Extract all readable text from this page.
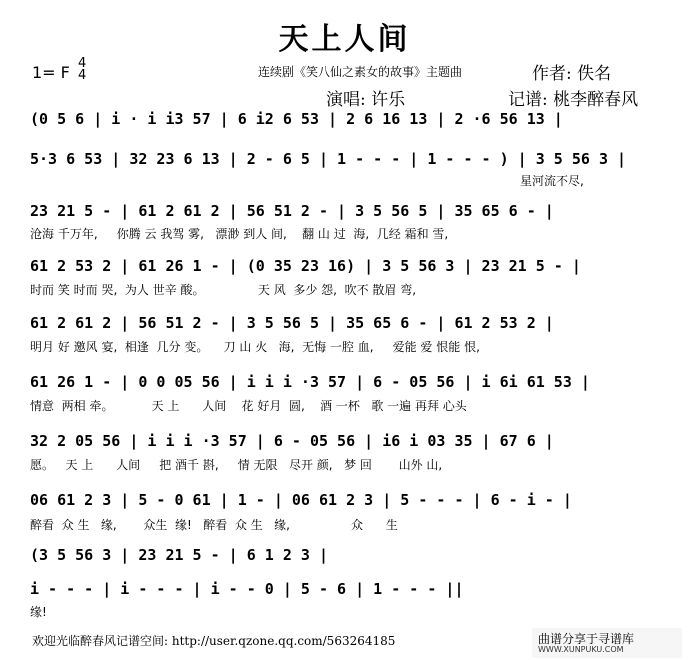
天上人间
1= F 4
4	连续剧《笑八仙之素女的故事》主题曲	作者: 佚名
演唱: 许乐	记谱: 桃李醉春风
(0 5 6 | i · i i3 57 | 6 i2 6 53 | 2 6 16 13 | 2 ·6 56 13 |
5·3 6 53 | 32 23 6 13 | 2 - 6 5 | 1 - - - | 1 - - - ) | 3 5 56 3 |
星河流不尽,
23 21 5 - | 61 2 61 2 | 56 51 2 - | 3 5 56 5 | 35 65 6 - |
沧海 千万年,     你腾 云 我驾 雾,   漂渺 到人 间,    翻 山 过  海,  几经 霜和 雪,
61 2 53 2 | 61 26 1 - | (0 35 23 16) | 3 5 56 3 | 23 21 5 - |
时而 笑 时而 哭,  为人 世辛 酸。              天 风  多少 怨,  吹不 散眉 弯,
61 2 61 2 | 56 51 2 - | 3 5 56 5 | 35 65 6 - | 61 2 53 2 |
明月 好 邀风 宴,  相逢  几分 变。    刀 山 火   海,  无悔 一腔 血,     爱能 爱 恨能 恨,
61 26 1 - | 0 0 05 56 | i i i ·3 57 | 6 - 05 56 | i 6i 61 53 |
情意  两相 牵。          天 上      人间    花 好月  圆,    酒 一杯   歌 一遍 再拜 心头
32 2 05 56 | i i i ·3 57 | 6 - 05 56 | i6 i 03 35 | 67 6 |
愿。   天 上      人间     把 酒千 斟,     情 无限   尽开 颜,   梦 回       山外 山,
06 61 2 3 | 5 - 0 61 | 1 - | 06 61 2 3 | 5 - - - | 6 - i - |
醉看  众 生   缘,       众生  缘!   醉看  众 生   缘,                众      生
(3 5 56 3 | 23 21 5 - | 6 1 2 3 |
i - - - | i - - - | i - - 0 | 5 - 6 | 1 - - - ||
缘!
欢迎光临醉春风记谱空间: http://user.qzone.qq.com/563264185	曲谱分享于寻谱库
WWW.XUNPUKU.COM
